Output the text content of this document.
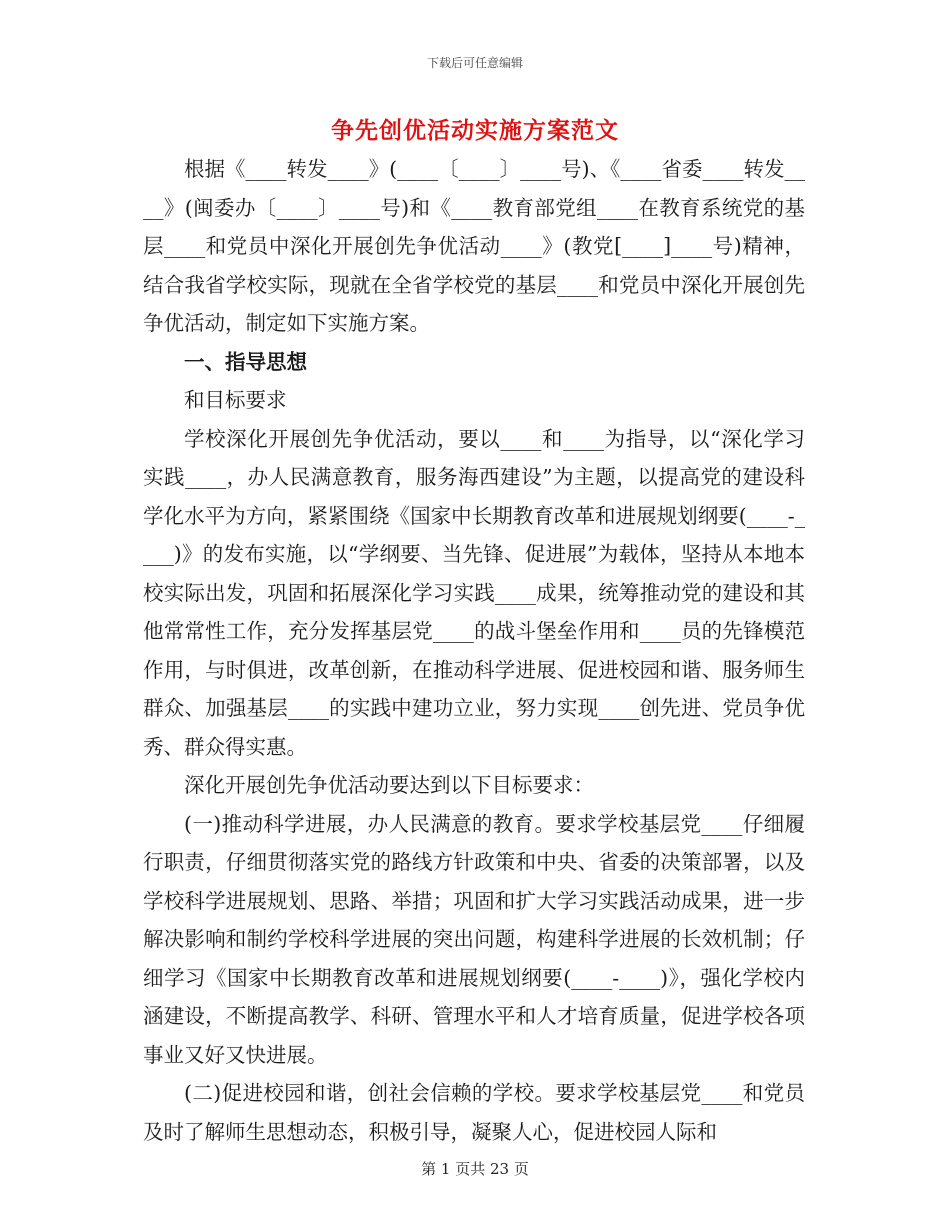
下载后可任意编辑
争先创优活动实施方案范文

根据《____转发____》(____〔____〕____号)、《____省委____转发____》(闽委办〔____〕____号)和《____教育部党组____在教育系统党的基层____和党员中深化开展创先争优活动____》(教党[____]____号)精神，结合我省学校实际，现就在全省学校党的基层____和党员中深化开展创先争优活动，制定如下实施方案。

一、指导思想

和目标要求

学校深化开展创先争优活动，要以____和____为指导，以“深化学习实践____，办人民满意教育，服务海西建设”为主题，以提高党的建设科学化水平为方向，紧紧围绕《国家中长期教育改革和进展规划纲要(____-____)》的发布实施，以“学纲要、当先锋、促进展”为载体，坚持从本地本校实际出发，巩固和拓展深化学习实践____成果，统筹推动党的建设和其他常常性工作，充分发挥基层党____的战斗堡垒作用和____员的先锋模范作用，与时俱进，改革创新，在推动科学进展、促进校园和谐、服务师生群众、加强基层____的实践中建功立业，努力实现____创先进、党员争优秀、群众得实惠。

深化开展创先争优活动要达到以下目标要求：

(一)推动科学进展，办人民满意的教育。要求学校基层党____仔细履行职责，仔细贯彻落实党的路线方针政策和中央、省委的决策部署，以及学校科学进展规划、思路、举措；巩固和扩大学习实践活动成果，进一步解决影响和制约学校科学进展的突出问题，构建科学进展的长效机制；仔细学习《国家中长期教育改革和进展规划纲要(____-____)》，强化学校内涵建设，不断提高教学、科研、管理水平和人才培育质量，促进学校各项事业又好又快进展。

(二)促进校园和谐，创社会信赖的学校。要求学校基层党____和党员及时了解师生思想动态，积极引导，凝聚人心，促进校园人际和

第 1 页共 23 页
